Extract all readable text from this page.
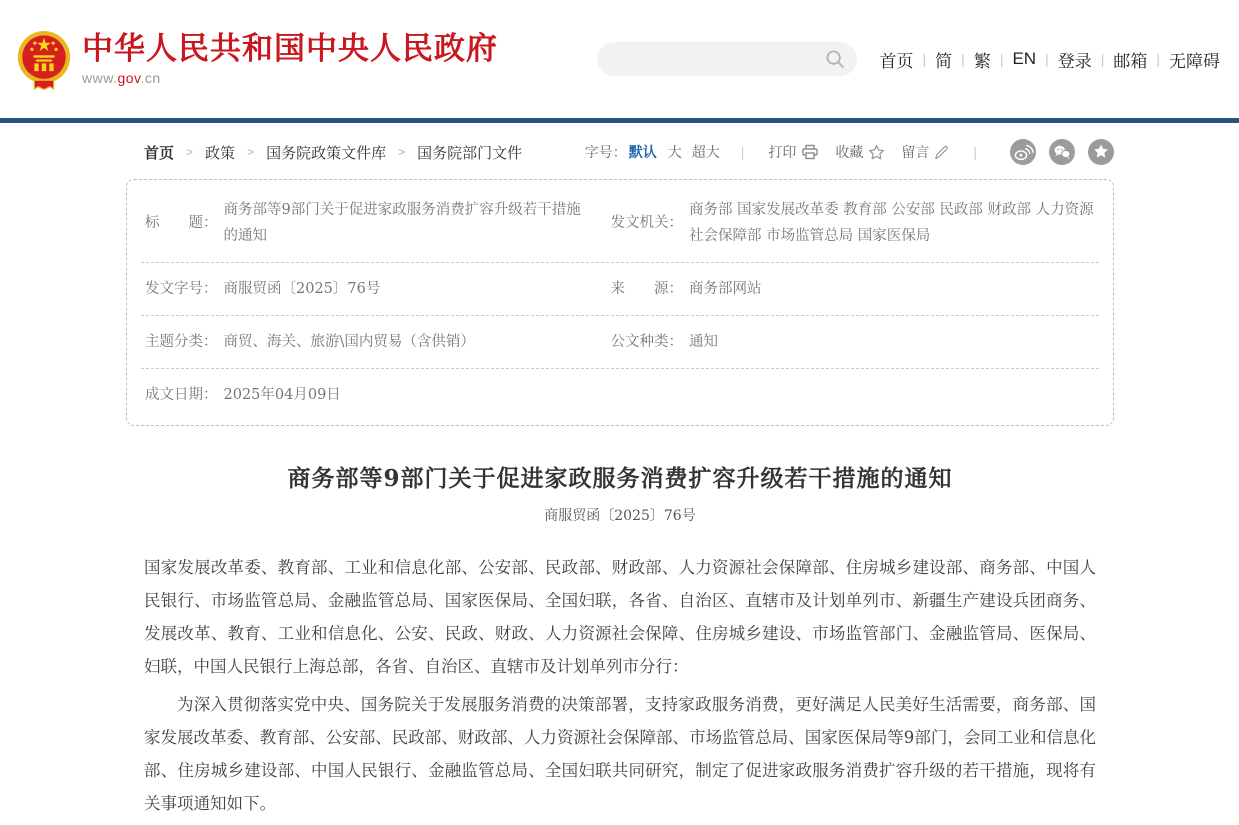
中华人民共和国中央人民政府
www.gov.cn
首页 | 简 | 繁 | EN | 登录 | 邮箱 | 无障碍
首页 > 政策 > 国务院政策文件库 > 国务院部门文件	字号： 默认 大 超大 | 打印	收藏	留言	|
标　　题：
商务部等9部门关于促进家政服务消费扩容升级若干措施的通知
发文机关：
商务部 国家发展改革委 教育部 公安部 民政部 财政部 人力资源社会保障部 市场监管总局 国家医保局
发文字号： 商服贸函〔2025〕76号	来　　源： 商务部网站
主题分类： 商贸、海关、旅游\国内贸易（含供销）	公文种类： 通知
成文日期： 2025年04月09日
商务部等9部门关于促进家政服务消费扩容升级若干措施的通知
商服贸函〔2025〕76号

国家发展改革委、教育部、工业和信息化部、公安部、民政部、财政部、人力资源社会保障部、住房城乡建设部、商务部、中国人民银行、市场监管总局、金融监管总局、国家医保局、全国妇联，各省、自治区、直辖市及计划单列市、新疆生产建设兵团商务、发展改革、教育、工业和信息化、公安、民政、财政、人力资源社会保障、住房城乡建设、市场监管部门、金融监管局、医保局、妇联，中国人民银行上海总部，各省、自治区、直辖市及计划单列市分行：

为深入贯彻落实党中央、国务院关于发展服务消费的决策部署，支持家政服务消费，更好满足人民美好生活需要，商务部、国家发展改革委、教育部、公安部、民政部、财政部、人力资源社会保障部、市场监管总局、国家医保局等9部门，会同工业和信息化部、住房城乡建设部、中国人民银行、金融监管总局、全国妇联共同研究，制定了促进家政服务消费扩容升级的若干措施，现将有关事项通知如下。
